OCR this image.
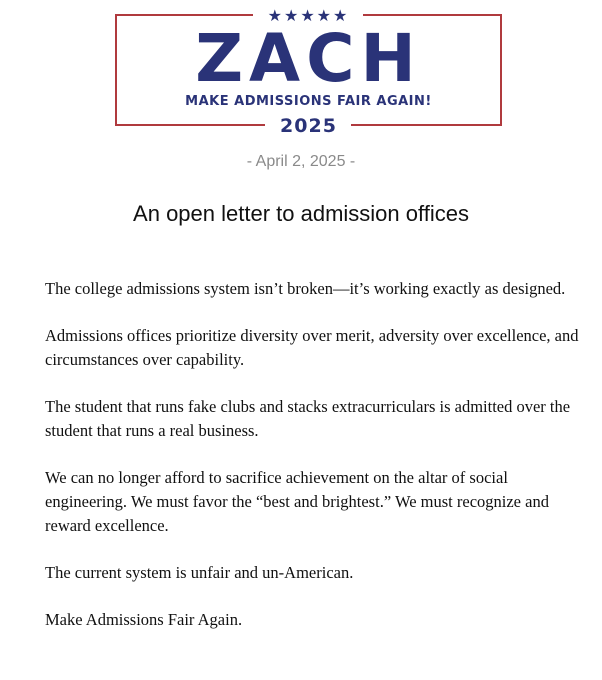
★★★★★
ZACH
MAKE ADMISSIONS FAIR AGAIN!
2025
- April 2, 2025 -
An open letter to admission offices

The college admissions system isn’t broken—it’s working exactly as designed.

Admissions offices prioritize diversity over merit, adversity over excellence, and circumstances over capability.

The student that runs fake clubs and stacks extracurriculars is admitted over the student that runs a real business.

We can no longer afford to sacrifice achievement on the altar of social engineering. We must favor the “best and brightest.” We must recognize and reward excellence.

The current system is unfair and un-American.

Make Admissions Fair Again.
